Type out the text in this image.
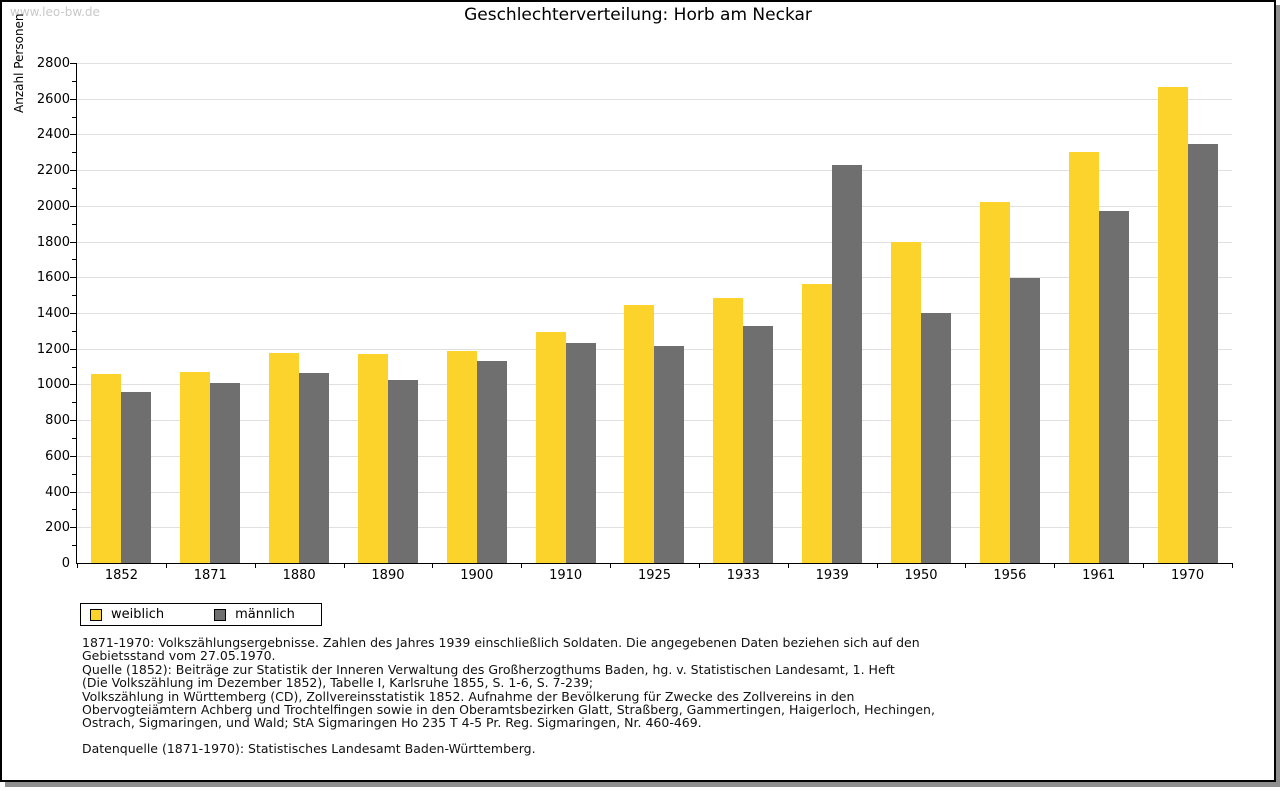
www.leo-bw.de	Geschlechterverteilung: Horb am Neckar
Anzahl Personen
0
200
400
600
800
1000
1200
1400
1600
1800
2000
2200
2400
2600
2800
1852	1871	1880	1890	1900	1910	1925	1933	1939	1950	1956	1961	1970
weiblich	männlich
1871-1970: Volkszählungsergebnisse. Zahlen des Jahres 1939 einschließlich Soldaten. Die angegebenen Daten beziehen sich auf den
Gebietsstand vom 27.05.1970.
Quelle (1852): Beiträge zur Statistik der Inneren Verwaltung des Großherzogthums Baden, hg. v. Statistischen Landesamt, 1. Heft
(Die Volkszählung im Dezember 1852), Tabelle I, Karlsruhe 1855, S. 1-6, S. 7-239;
Volkszählung in Württemberg (CD), Zollvereinsstatistik 1852. Aufnahme der Bevölkerung für Zwecke des Zollvereins in den
Obervogteiämtern Achberg und Trochtelfingen sowie in den Oberamtsbezirken Glatt, Straßberg, Gammertingen, Haigerloch, Hechingen,
Ostrach, Sigmaringen, und Wald; StA Sigmaringen Ho 235 T 4-5 Pr. Reg. Sigmaringen, Nr. 460-469.
Datenquelle (1871-1970): Statistisches Landesamt Baden-Württemberg.
